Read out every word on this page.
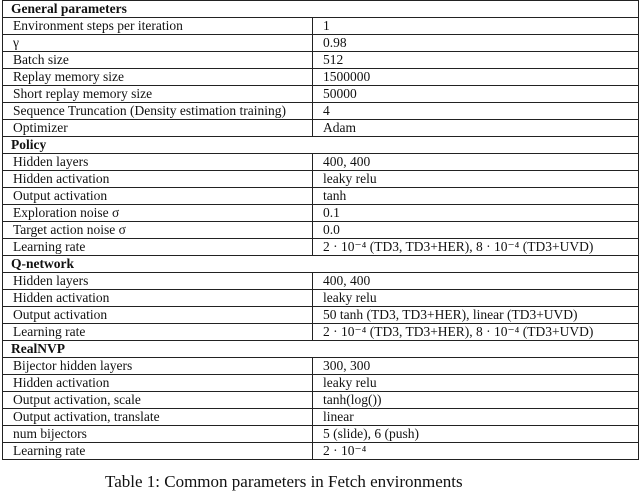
General parameters	
Environment steps per iteration	1
γ	0.98
Batch size	512
Replay memory size	1500000
Short replay memory size	50000
Sequence Truncation (Density estimation training)	4
Optimizer	Adam
Policy	
Hidden layers	400, 400
Hidden activation	leaky relu
Output activation	tanh
Exploration noise σ	0.1
Target action noise σ	0.0
Learning rate	2 · 10⁻⁴ (TD3, TD3+HER), 8 · 10⁻⁴ (TD3+UVD)
Q-network	
Hidden layers	400, 400
Hidden activation	leaky relu
Output activation	50 tanh (TD3, TD3+HER), linear (TD3+UVD)
Learning rate	2 · 10⁻⁴ (TD3, TD3+HER), 8 · 10⁻⁴ (TD3+UVD)
RealNVP	
Bijector hidden layers	300, 300
Hidden activation	leaky relu
Output activation, scale	tanh(log())
Output activation, translate	linear
num bijectors	5 (slide), 6 (push)
Learning rate	2 · 10⁻⁴
Table 1: Common parameters in Fetch environments
